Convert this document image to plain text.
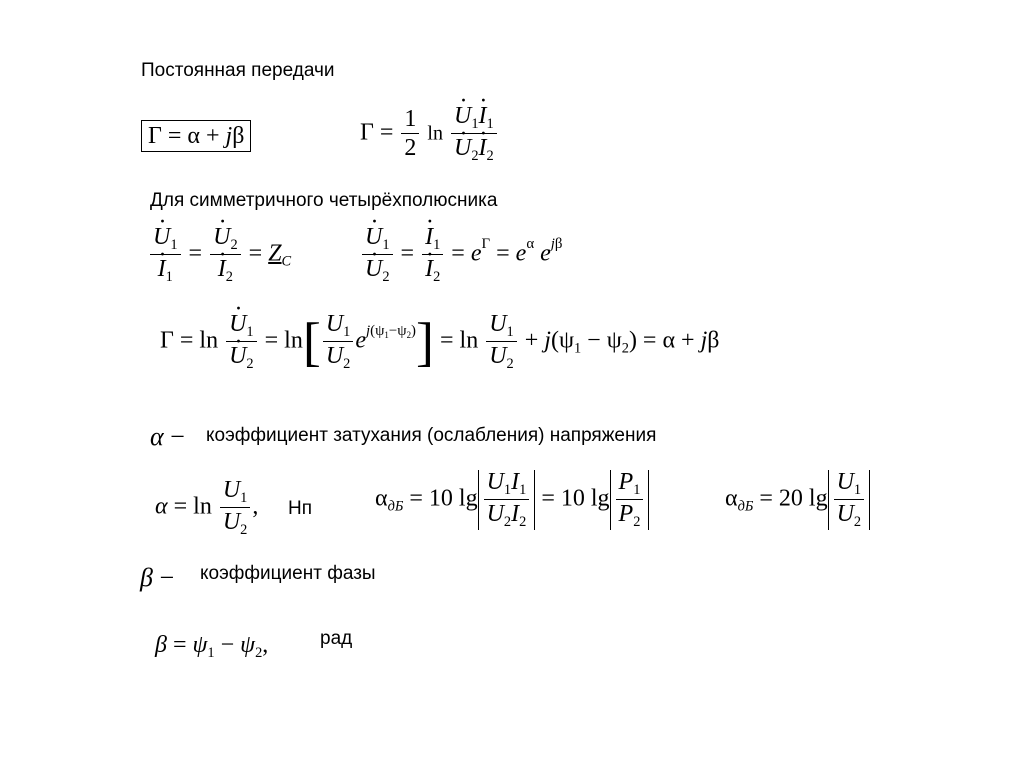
Постоянная передачи
Γ = α + jβ	$\Gamma = \frac{1}{2}$ ln
· $U_1\cdot I_1$
· $U_2\cdot I_2$
Для симметричного четырёхполюсника
· $U_1$
· $I_1$ =
· $U_2$
· $I_2 = Z_C$
·	$U_1$
· $U_2$ =
· $I_1$
· $I_2 = e^\Gamma = e^\alpha$ $e^{j\beta}$
Γ = ln
· $U_1$
· $U_2 = \ln[ \frac{U_1}{U_2} e^{j(\psi_1-\psi_2)}] = \ln \frac{U_1}{U_2} + j(\psi_1 - \psi_2) = \alpha + j\beta$
α − коэффициент затухания (ослабления) напряжения
$\alpha = \ln \frac{U_1}{U_2}$ , Нп	$\alpha_{дБ} = 10$ $\lg \frac{U_1I_1}{U_2I_2} = 10$ $\lg \frac{P_1}{P_2}$	$\alpha_{дБ} = 20$ $\lg \frac{U_1}{U_2}$
β − коэффициент фазы
$\beta = \psi_1 - \psi_2$,	рад
